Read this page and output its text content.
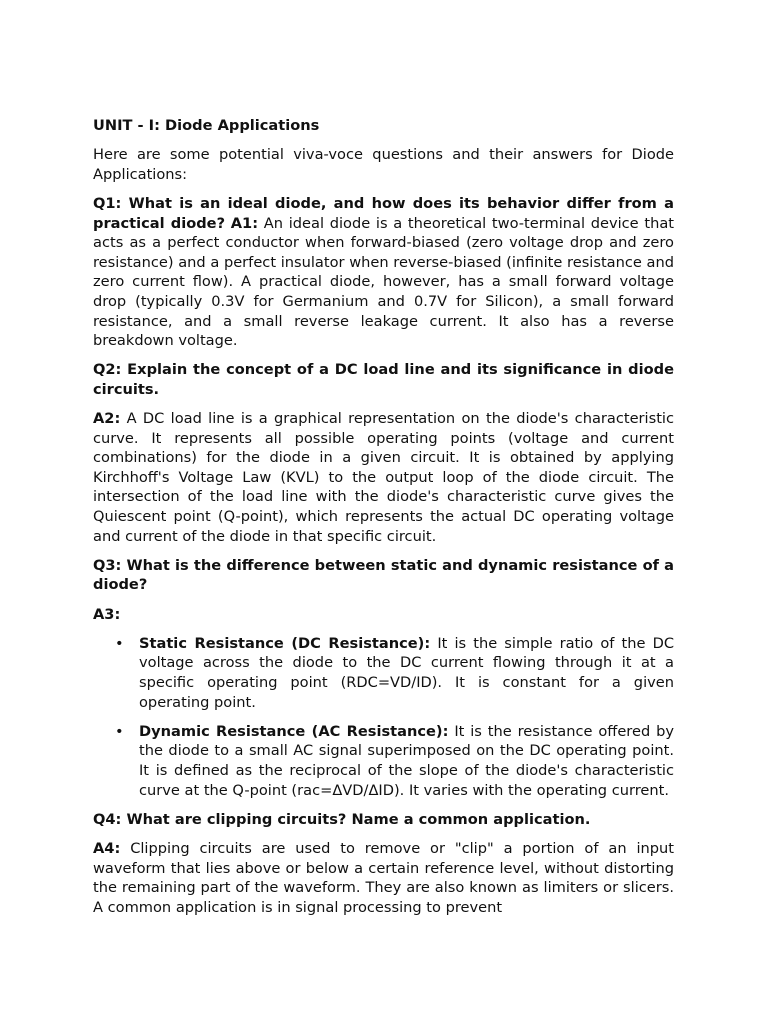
UNIT - I: Diode Applications

Here are some potential viva-voce questions and their answers for Diode Applications:

Q1: What is an ideal diode, and how does its behavior differ from a practical diode? A1: An ideal diode is a theoretical two-terminal device that acts as a perfect conductor when forward-biased (zero voltage drop and zero resistance) and a perfect insulator when reverse-biased (infinite resistance and zero current flow). A practical diode, however, has a small forward voltage drop (typically 0.3V for Germanium and 0.7V for Silicon), a small forward resistance, and a small reverse leakage current. It also has a reverse breakdown voltage.

Q2: Explain the concept of a DC load line and its significance in diode circuits.

A2: A DC load line is a graphical representation on the diode's characteristic curve. It represents all possible operating points (voltage and current combinations) for the diode in a given circuit. It is obtained by applying Kirchhoff's Voltage Law (KVL) to the output loop of the diode circuit. The intersection of the load line with the diode's characteristic curve gives the Quiescent point (Q-point), which represents the actual DC operating voltage and current of the diode in that specific circuit.

Q3: What is the difference between static and dynamic resistance of a diode?

A3:

• Static Resistance (DC Resistance): It is the simple ratio of the DC voltage across the diode to the DC current flowing through it at a specific operating point (RDC=VD/ID). It is constant for a given operating point.
• Dynamic Resistance (AC Resistance): It is the resistance offered by the diode to a small AC signal superimposed on the DC operating point. It is defined as the reciprocal of the slope of the diode's characteristic curve at the Q-point (rac=ΔVD/ΔID). It varies with the operating current.

Q4: What are clipping circuits? Name a common application.

A4: Clipping circuits are used to remove or "clip" a portion of an input waveform that lies above or below a certain reference level, without distorting the remaining part of the waveform. They are also known as limiters or slicers. A common application is in signal processing to prevent
